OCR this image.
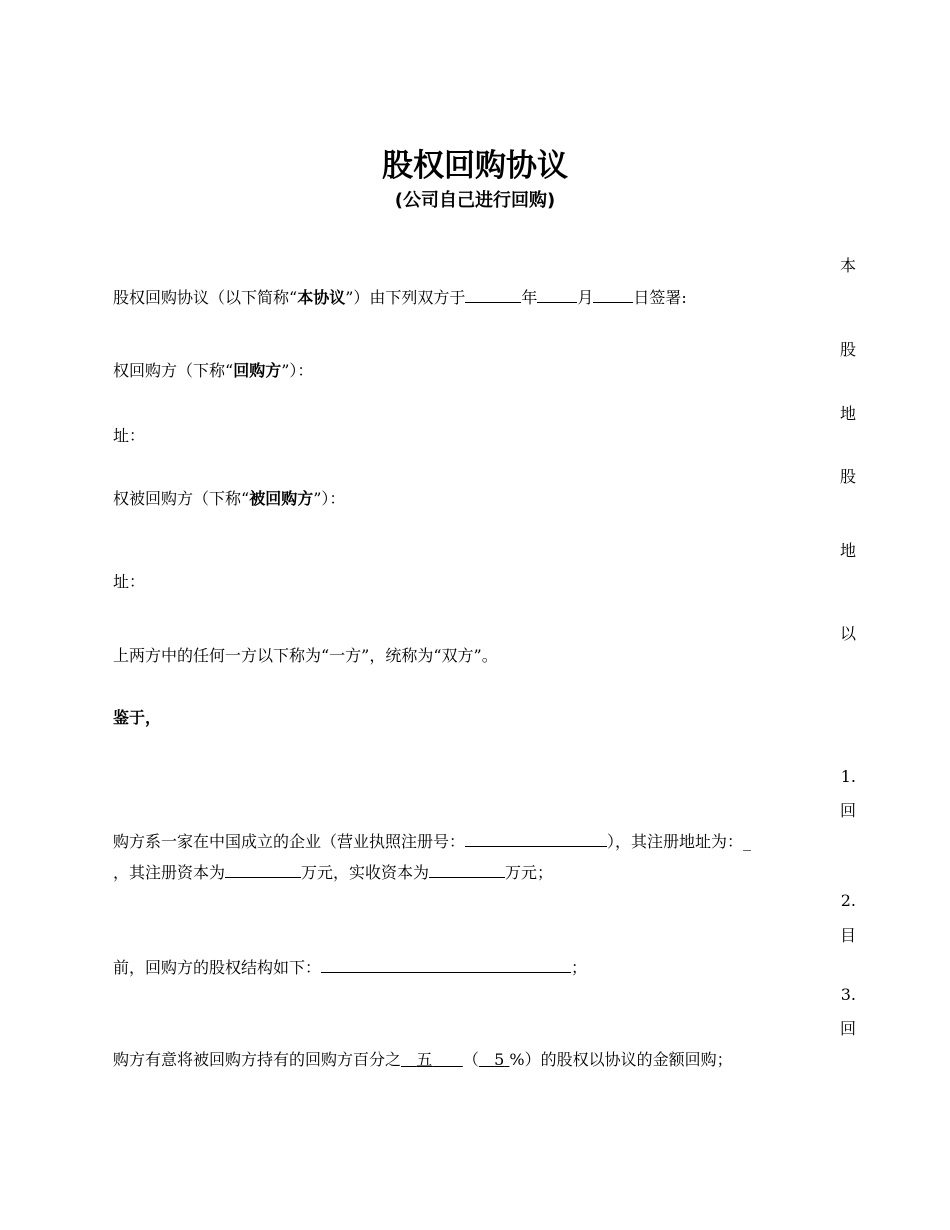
股权回购协议
(公司自己进行回购)
本
股权回购协议（以下简称“本协议”）由下列双方于	年	月	日签署:
股
权回购方（下称“回购方”）：
地
址：
股
权被回购方（下称“被回购方”）：
地
址：
以
上两方中的任何一方以下称为“一方”，统称为“双方”。
鉴于，
1.
回
购方系一家在中国成立的企业（营业执照注册号：	），其注册地址为：_
，其注册资本为	万元，实收资本为	万元；
2.
目
前，回购方的股权结构如下：	；
3.
回
购方有意将被回购方持有的回购方百分之 五 （ 5 %）的股权以协议的金额回购；
